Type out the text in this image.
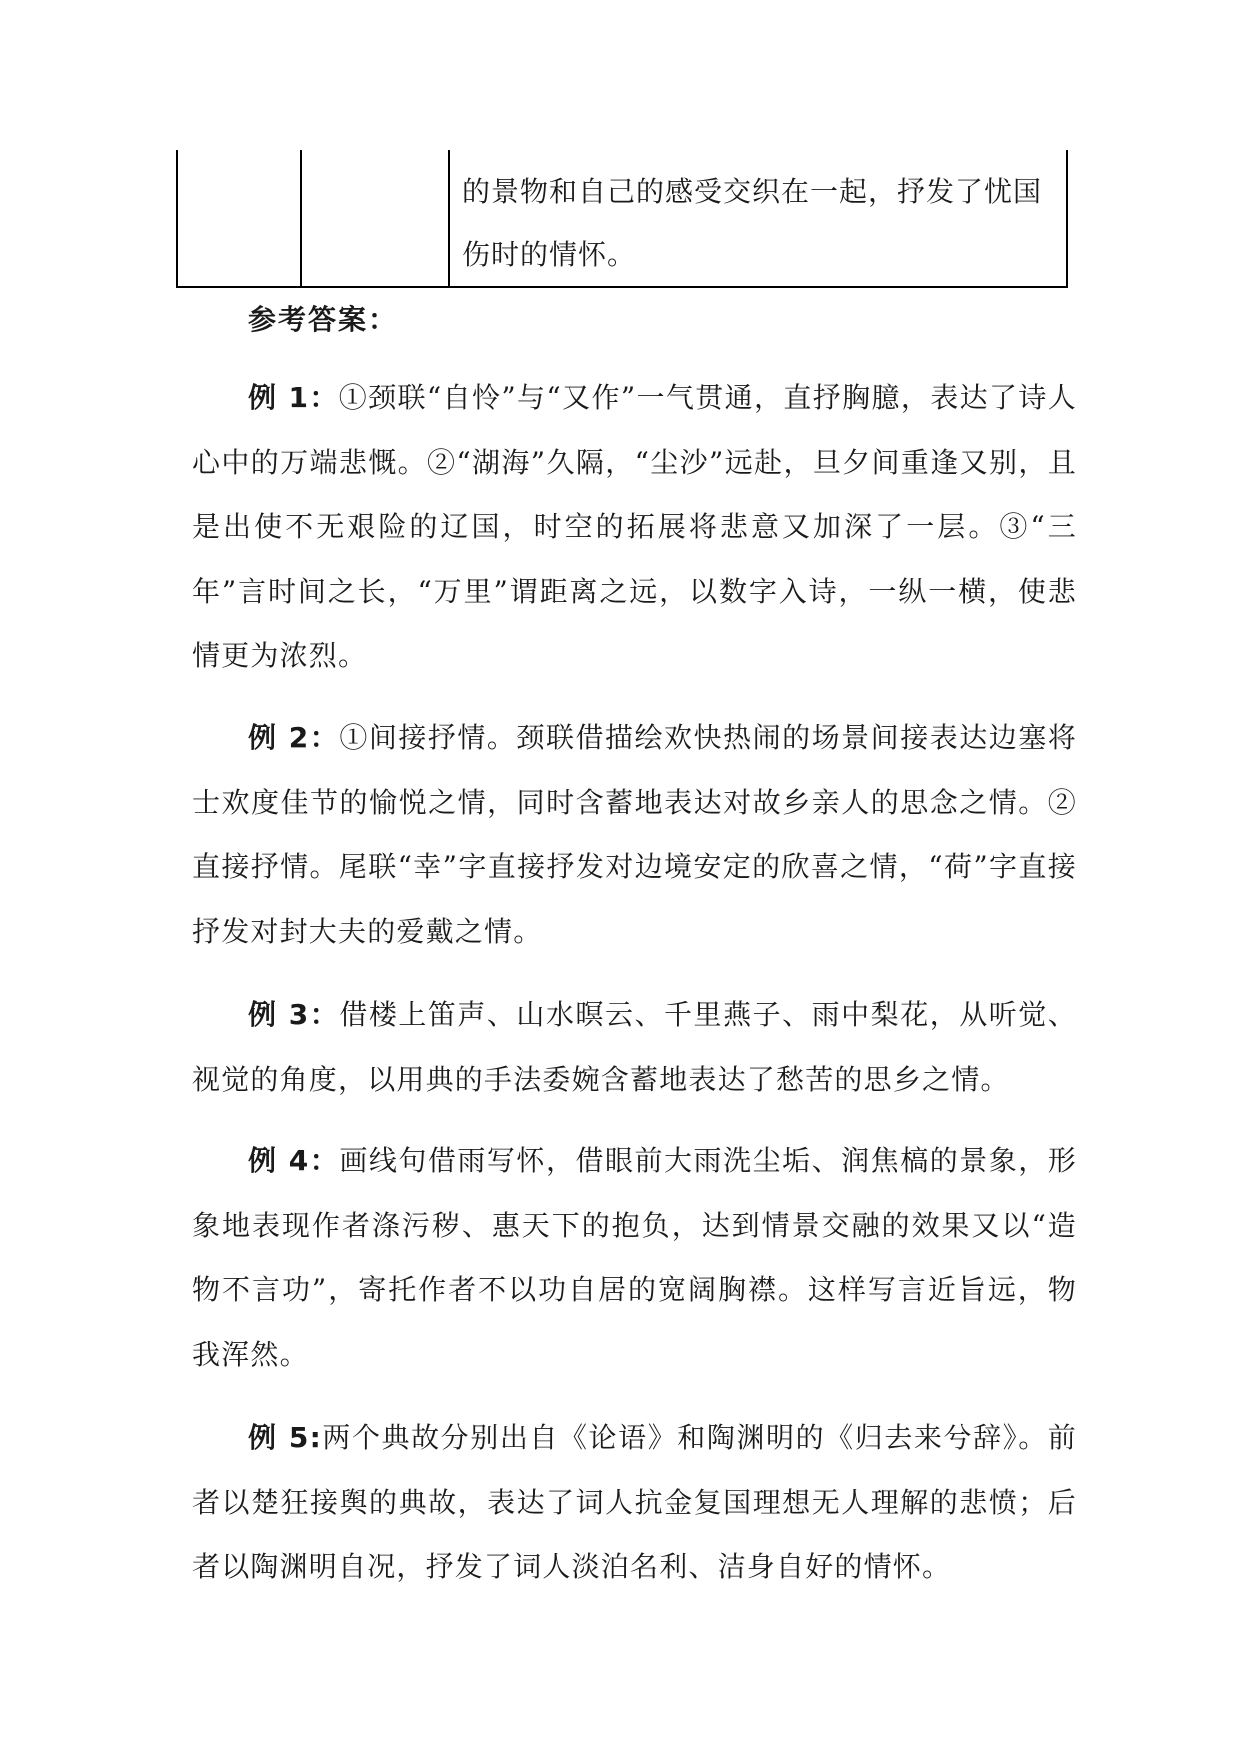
的景物和自己的感受交织在一起，抒发了忧国伤时的情怀。
参考答案：

例 1：①颈联“自怜”与“又作”一气贯通，直抒胸臆，表达了诗人心中的万端悲慨。②“湖海”久隔，“尘沙”远赴，旦夕间重逢又别，且是出使不无艰险的辽国，时空的拓展将悲意又加深了一层。③“三年”言时间之长，“万里”谓距离之远，以数字入诗，一纵一横，使悲情更为浓烈。

例 2：①间接抒情。颈联借描绘欢快热闹的场景间接表达边塞将士欢度佳节的愉悦之情，同时含蓄地表达对故乡亲人的思念之情。②直接抒情。尾联“幸”字直接抒发对边境安定的欣喜之情，“荷”字直接抒发对封大夫的爱戴之情。

例 3：借楼上笛声、山水暝云、千里燕子、雨中梨花，从听觉、视觉的角度，以用典的手法委婉含蓄地表达了愁苦的思乡之情。

例 4：画线句借雨写怀，借眼前大雨洗尘垢、润焦槁的景象，形象地表现作者涤污秽、惠天下的抱负，达到情景交融的效果又以“造物不言功”，寄托作者不以功自居的宽阔胸襟。这样写言近旨远，物我浑然。

例 5:两个典故分别出自《论语》和陶渊明的《归去来兮辞》。前者以楚狂接舆的典故，表达了词人抗金复国理想无人理解的悲愤；后者以陶渊明自况，抒发了词人淡泊名利、洁身自好的情怀。
